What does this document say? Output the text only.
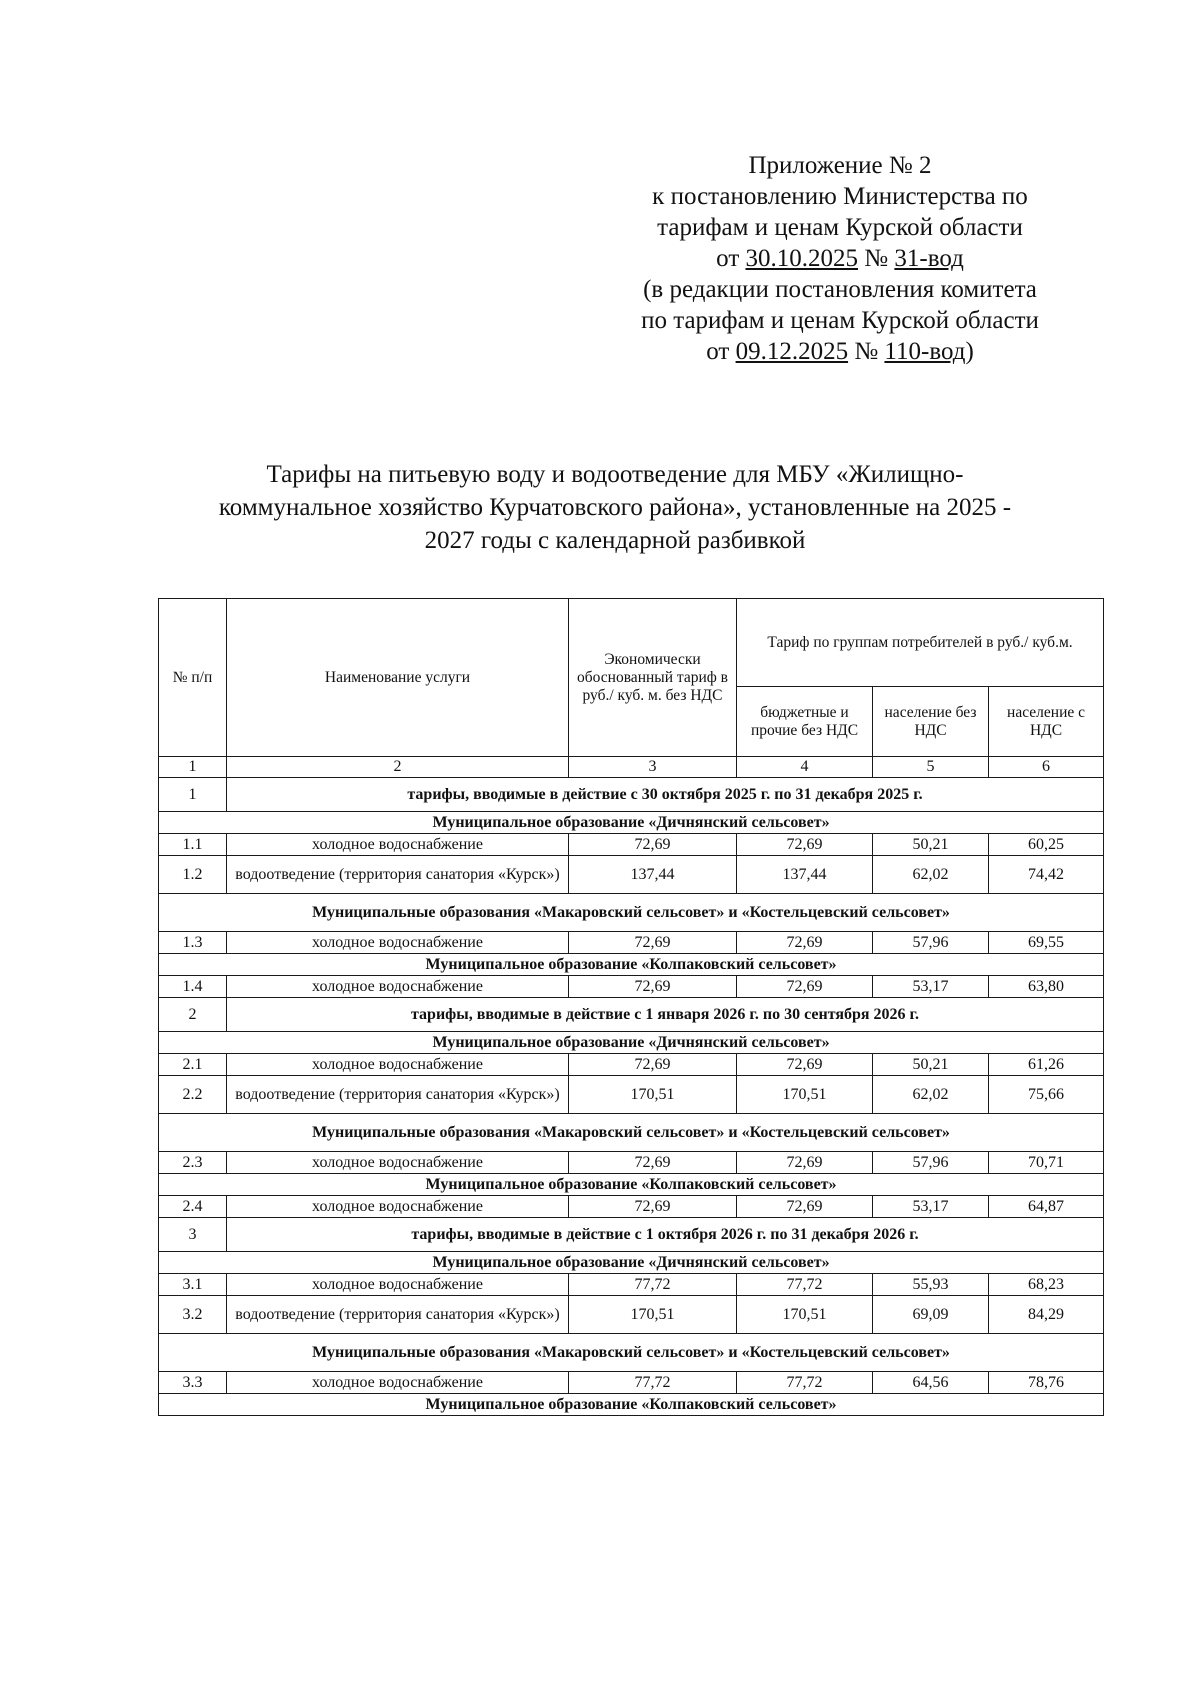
Приложение № 2
к постановлению Министерства по
тарифам и ценам Курской области
от 30.10.2025 № 31-вод
(в редакции постановления комитета
по тарифам и ценам Курской области
от 09.12.2025 № 110-вод)
Тарифы на питьевую воду и водоотведение для МБУ «Жилищно-
коммунальное хозяйство Курчатовского района», установленные на 2025 -
2027 годы с календарной разбивкой
№ п/п	Наименование услуги	Экономически обоснованный тариф в руб./ куб. м. без НДС	Тариф по группам потребителей в руб./ куб.м.		
			бюджетные и прочие без НДС	население без НДС	население с НДС
1	2	3	4	5	6
1	тарифы, вводимые в действие с 30 октября 2025 г. по 31 декабря 2025 г.				
Муниципальное образование «Дичнянский сельсовет»					
1.1	холодное водоснабжение	72,69	72,69	50,21	60,25
1.2	водоотведение (территория санатория «Курск»)	137,44	137,44	62,02	74,42
Муниципальные образования «Макаровский сельсовет» и «Костельцевский сельсовет»					
1.3	холодное водоснабжение	72,69	72,69	57,96	69,55
Муниципальное образование «Колпаковский сельсовет»					
1.4	холодное водоснабжение	72,69	72,69	53,17	63,80
2	тарифы, вводимые в действие с 1 января 2026 г. по 30 сентября 2026 г.				
Муниципальное образование «Дичнянский сельсовет»					
2.1	холодное водоснабжение	72,69	72,69	50,21	61,26
2.2	водоотведение (территория санатория «Курск»)	170,51	170,51	62,02	75,66
Муниципальные образования «Макаровский сельсовет» и «Костельцевский сельсовет»					
2.3	холодное водоснабжение	72,69	72,69	57,96	70,71
Муниципальное образование «Колпаковский сельсовет»					
2.4	холодное водоснабжение	72,69	72,69	53,17	64,87
3	тарифы, вводимые в действие с 1 октября 2026 г. по 31 декабря 2026 г.				
Муниципальное образование «Дичнянский сельсовет»					
3.1	холодное водоснабжение	77,72	77,72	55,93	68,23
3.2	водоотведение (территория санатория «Курск»)	170,51	170,51	69,09	84,29
Муниципальные образования «Макаровский сельсовет» и «Костельцевский сельсовет»					
3.3	холодное водоснабжение	77,72	77,72	64,56	78,76
Муниципальное образование «Колпаковский сельсовет»					
